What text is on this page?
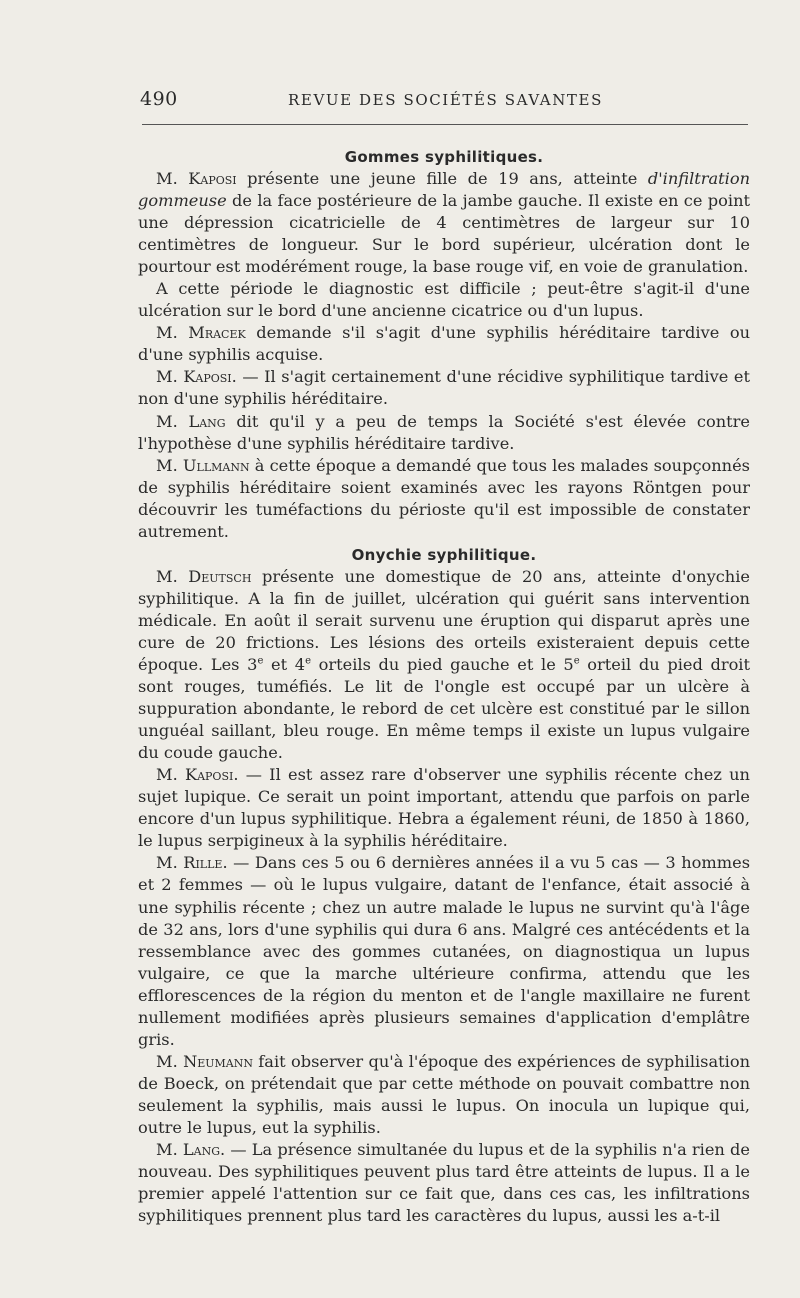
490	REVUE DES SOCIÉTÉS SAVANTES
Gommes syphilitiques.

M. Kaposi présente une jeune fille de 19 ans, atteinte d'infiltration gommeuse de la face postérieure de la jambe gauche. Il existe en ce point une dépression cicatricielle de 4 centimètres de largeur sur 10 centimètres de longueur. Sur le bord supérieur, ulcération dont le pourtour est modérément rouge, la base rouge vif, en voie de granulation.

A cette période le diagnostic est difficile ; peut-être s'agit-il d'une ulcération sur le bord d'une ancienne cicatrice ou d'un lupus.

M. Mracek demande s'il s'agit d'une syphilis héréditaire tardive ou d'une syphilis acquise.

M. Kaposi. — Il s'agit certainement d'une récidive syphilitique tardive et non d'une syphilis héréditaire.

M. Lang dit qu'il y a peu de temps la Société s'est élevée contre l'hypothèse d'une syphilis héréditaire tardive.

M. Ullmann à cette époque a demandé que tous les malades soupçonnés de syphilis héréditaire soient examinés avec les rayons Röntgen pour découvrir les tuméfactions du périoste qu'il est impossible de constater autrement.

Onychie syphilitique.

M. Deutsch présente une domestique de 20 ans, atteinte d'onychie syphilitique. A la fin de juillet, ulcération qui guérit sans intervention médicale. En août il serait survenu une éruption qui disparut après une cure de 20 frictions. Les lésions des orteils existeraient depuis cette époque. Les 3e et 4e orteils du pied gauche et le 5e orteil du pied droit sont rouges, tuméfiés. Le lit de l'ongle est occupé par un ulcère à suppuration abondante, le rebord de cet ulcère est constitué par le sillon unguéal saillant, bleu rouge. En même temps il existe un lupus vulgaire du coude gauche.

M. Kaposi. — Il est assez rare d'observer une syphilis récente chez un sujet lupique. Ce serait un point important, attendu que parfois on parle encore d'un lupus syphilitique. Hebra a également réuni, de 1850 à 1860, le lupus serpigineux à la syphilis héréditaire.

M. Rille. — Dans ces 5 ou 6 dernières années il a vu 5 cas — 3 hommes et 2 femmes — où le lupus vulgaire, datant de l'enfance, était associé à une syphilis récente ; chez un autre malade le lupus ne survint qu'à l'âge de 32 ans, lors d'une syphilis qui dura 6 ans. Malgré ces antécédents et la ressemblance avec des gommes cutanées, on diagnostiqua un lupus vulgaire, ce que la marche ultérieure confirma, attendu que les efflorescences de la région du menton et de l'angle maxillaire ne furent nullement modifiées après plusieurs semaines d'application d'emplâtre gris.

M. Neumann fait observer qu'à l'époque des expériences de syphilisation de Boeck, on prétendait que par cette méthode on pouvait combattre non seulement la syphilis, mais aussi le lupus. On inocula un lupique qui, outre le lupus, eut la syphilis.

M. Lang. — La présence simultanée du lupus et de la syphilis n'a rien de nouveau. Des syphilitiques peuvent plus tard être atteints de lupus. Il a le premier appelé l'attention sur ce fait que, dans ces cas, les infiltrations syphilitiques prennent plus tard les caractères du lupus, aussi les a-t-il
